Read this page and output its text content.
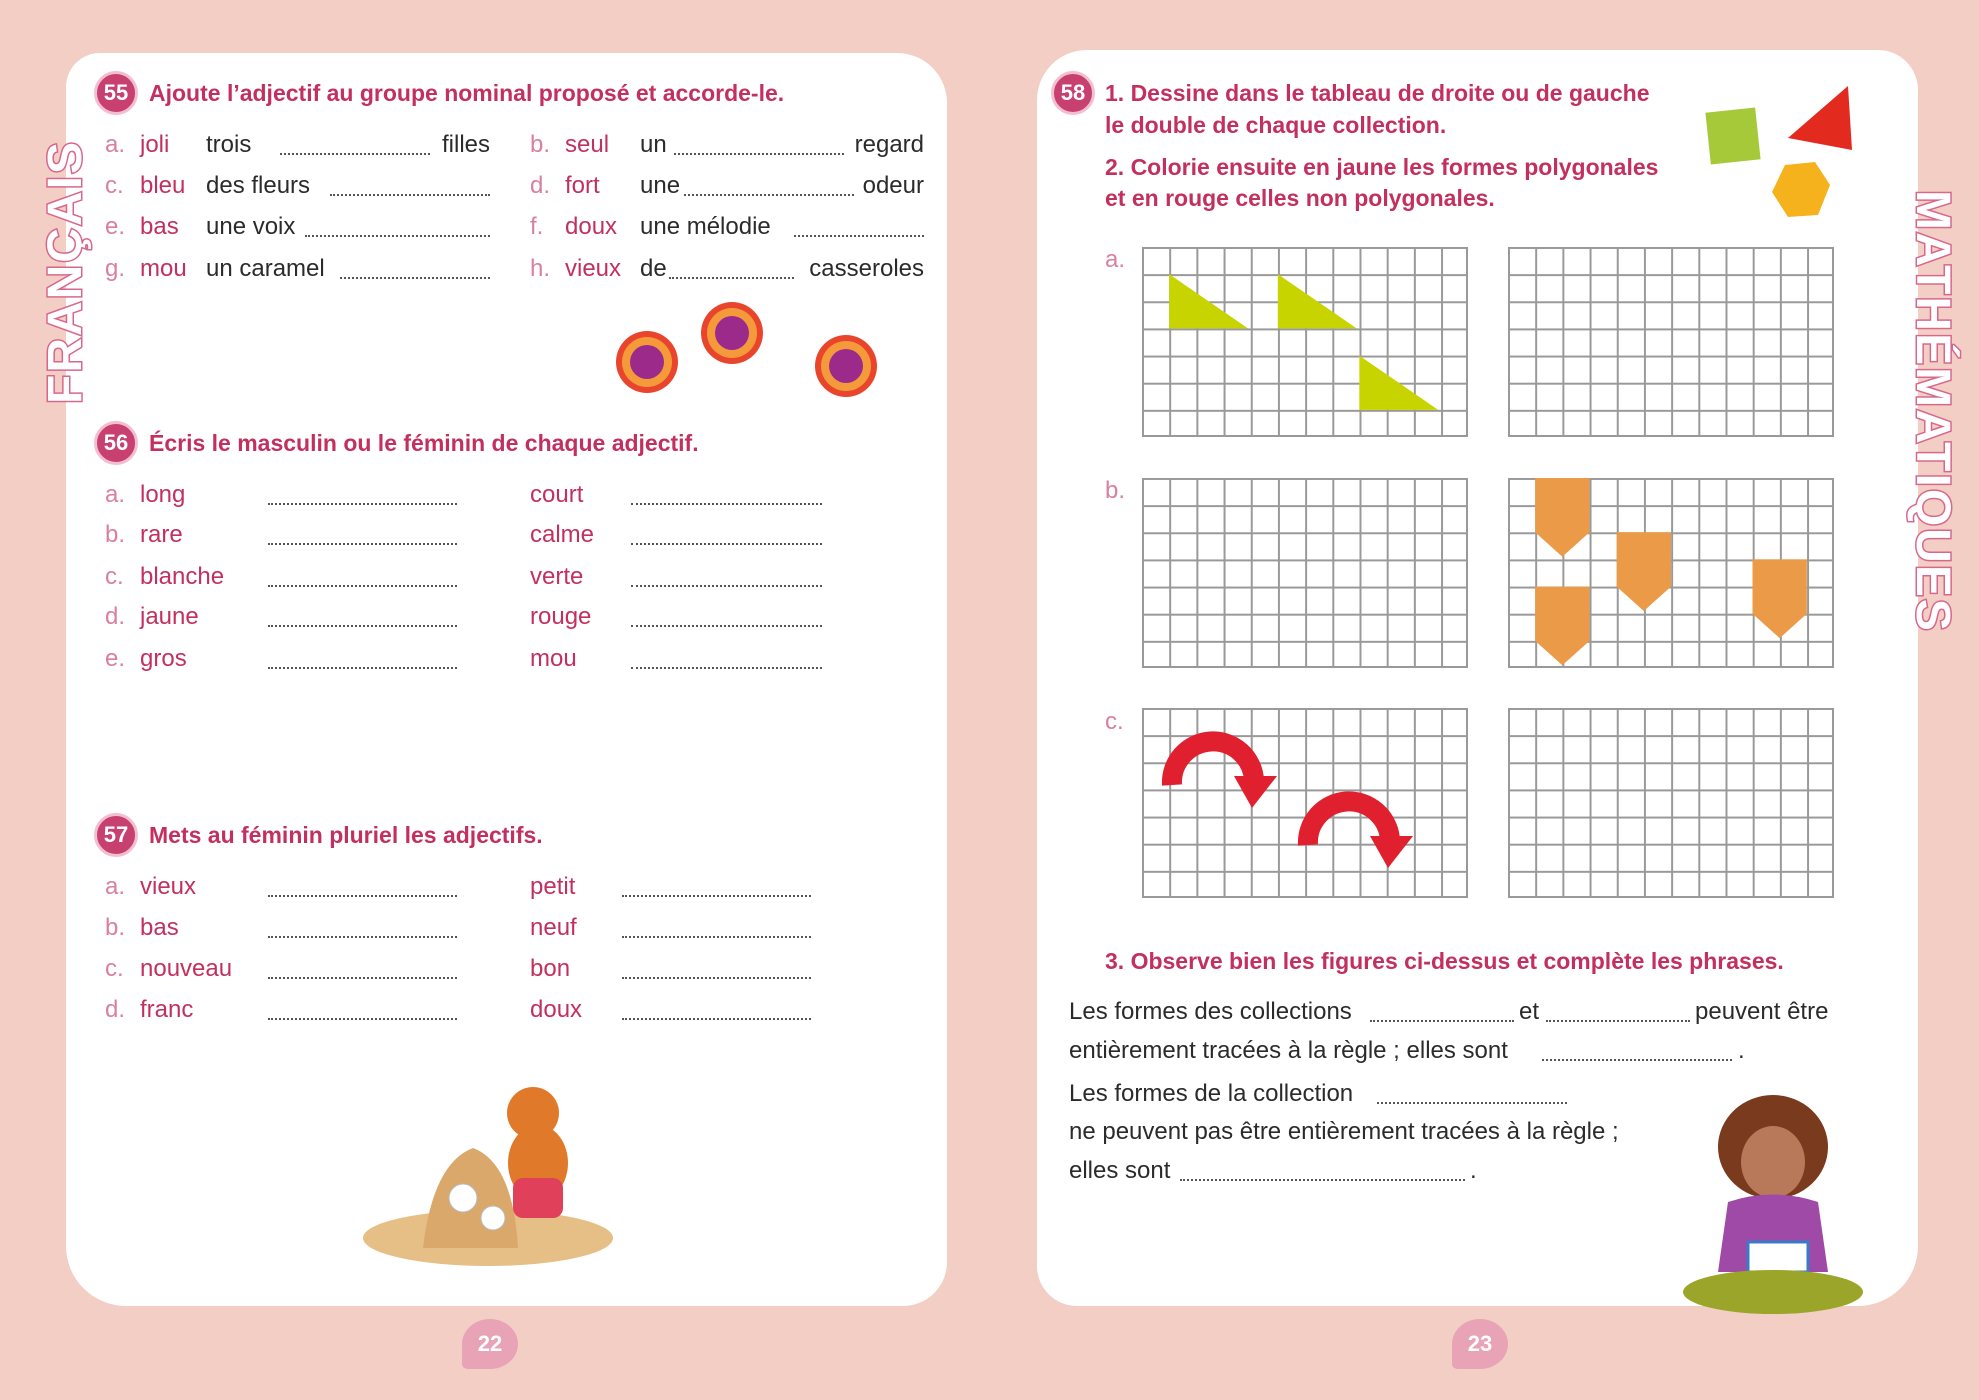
FRANÇAIS	MATHÉMATIQUES
55 Ajoute l’adjectif au groupe nominal proposé et accorde-le.
a. joli trois	filles b. seul un	regard
c. bleu des fleurs	d. fort une	odeur
e. bas une voix	f. doux une mélodie
g. mou un caramel	h. vieux de	casseroles
56 Écris le masculin ou le féminin de chaque adjectif.
a. long	court
b. rare	calme
c. blanche	verte
d. jaune	rouge
e. gros	mou
57 Mets au féminin pluriel les adjectifs.
a. vieux	petit
b. bas	neuf
c. nouveau	bon
d. franc	doux
22	23
58 1. Dessine dans le tableau de droite ou de gauche
le double de chaque collection.
2. Colorie ensuite en jaune les formes polygonales
et en rouge celles non polygonales.
a.
b.
c.
3. Observe bien les figures ci-dessus et complète les phrases.
Les formes des collections	et	peuvent être
entièrement tracées à la règle ; elles sont	.
Les formes de la collection
ne peuvent pas être entièrement tracées à la règle ;
elles sont	.
